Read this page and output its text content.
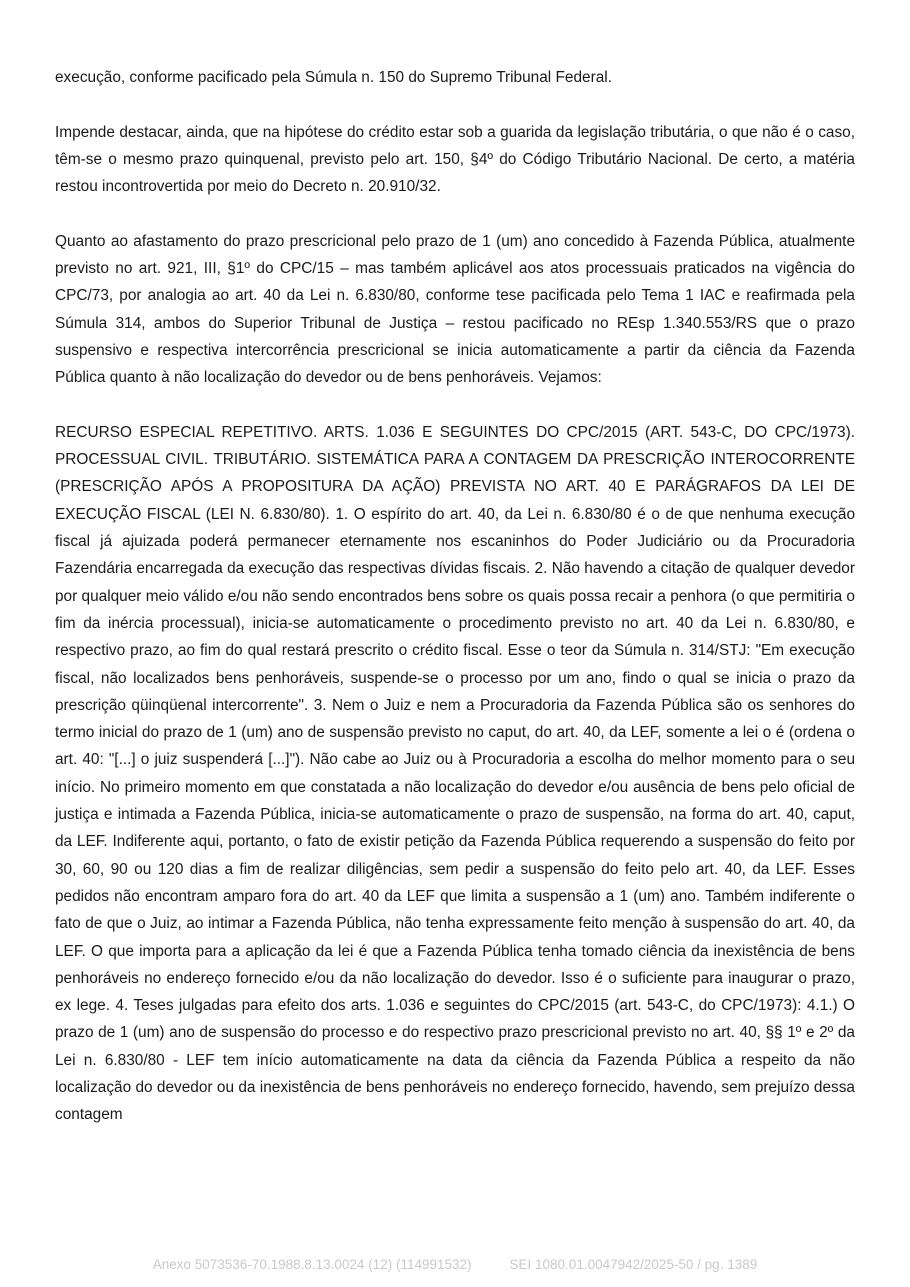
execução, conforme pacificado pela Súmula n. 150 do Supremo Tribunal Federal.

Impende destacar, ainda, que na hipótese do crédito estar sob a guarida da legislação tributária, o que não é o caso, têm-se o mesmo prazo quinquenal, previsto pelo art. 150, §4º do Código Tributário Nacional. De certo, a matéria restou incontrovertida por meio do Decreto n. 20.910/32.

Quanto ao afastamento do prazo prescricional pelo prazo de 1 (um) ano concedido à Fazenda Pública, atualmente previsto no art. 921, III, §1º do CPC/15 – mas também aplicável aos atos processuais praticados na vigência do CPC/73, por analogia ao art. 40 da Lei n. 6.830/80, conforme tese pacificada pelo Tema 1 IAC e reafirmada pela Súmula 314, ambos do Superior Tribunal de Justiça – restou pacificado no REsp 1.340.553/RS que o prazo suspensivo e respectiva intercorrência prescricional se inicia automaticamente a partir da ciência da Fazenda Pública quanto à não localização do devedor ou de bens penhoráveis. Vejamos:

RECURSO ESPECIAL REPETITIVO. ARTS. 1.036 E SEGUINTES DO CPC/2015 (ART. 543-C, DO CPC/1973). PROCESSUAL CIVIL. TRIBUTÁRIO. SISTEMÁTICA PARA A CONTAGEM DA PRESCRIÇÃO INTEROCORRENTE (PRESCRIÇÃO APÓS A PROPOSITURA DA AÇÃO) PREVISTA NO ART. 40 E PARÁGRAFOS DA LEI DE EXECUÇÃO FISCAL (LEI N. 6.830/80). 1. O espírito do art. 40, da Lei n. 6.830/80 é o de que nenhuma execução fiscal já ajuizada poderá permanecer eternamente nos escaninhos do Poder Judiciário ou da Procuradoria Fazendária encarregada da execução das respectivas dívidas fiscais. 2. Não havendo a citação de qualquer devedor por qualquer meio válido e/ou não sendo encontrados bens sobre os quais possa recair a penhora (o que permitiria o fim da inércia processual), inicia-se automaticamente o procedimento previsto no art. 40 da Lei n. 6.830/80, e respectivo prazo, ao fim do qual restará prescrito o crédito fiscal. Esse o teor da Súmula n. 314/STJ: "Em execução fiscal, não localizados bens penhoráveis, suspende-se o processo por um ano, findo o qual se inicia o prazo da prescrição qüinqüenal intercorrente". 3. Nem o Juiz e nem a Procuradoria da Fazenda Pública são os senhores do termo inicial do prazo de 1 (um) ano de suspensão previsto no caput, do art. 40, da LEF, somente a lei o é (ordena o art. 40: "[...] o juiz suspenderá [...]"). Não cabe ao Juiz ou à Procuradoria a escolha do melhor momento para o seu início. No primeiro momento em que constatada a não localização do devedor e/ou ausência de bens pelo oficial de justiça e intimada a Fazenda Pública, inicia-se automaticamente o prazo de suspensão, na forma do art. 40, caput, da LEF. Indiferente aqui, portanto, o fato de existir petição da Fazenda Pública requerendo a suspensão do feito por 30, 60, 90 ou 120 dias a fim de realizar diligências, sem pedir a suspensão do feito pelo art. 40, da LEF. Esses pedidos não encontram amparo fora do art. 40 da LEF que limita a suspensão a 1 (um) ano. Também indiferente o fato de que o Juiz, ao intimar a Fazenda Pública, não tenha expressamente feito menção à suspensão do art. 40, da LEF. O que importa para a aplicação da lei é que a Fazenda Pública tenha tomado ciência da inexistência de bens penhoráveis no endereço fornecido e/ou da não localização do devedor. Isso é o suficiente para inaugurar o prazo, ex lege. 4. Teses julgadas para efeito dos arts. 1.036 e seguintes do CPC/2015 (art. 543-C, do CPC/1973): 4.1.) O prazo de 1 (um) ano de suspensão do processo e do respectivo prazo prescricional previsto no art. 40, §§ 1º e 2º da Lei n. 6.830/80 - LEF tem início automaticamente na data da ciência da Fazenda Pública a respeito da não localização do devedor ou da inexistência de bens penhoráveis no endereço fornecido, havendo, sem prejuízo dessa contagem

Anexo 5073536-70.1988.8.13.0024 (12) (114991532)	SEI 1080.01.0047942/2025-50 / pg. 1389
